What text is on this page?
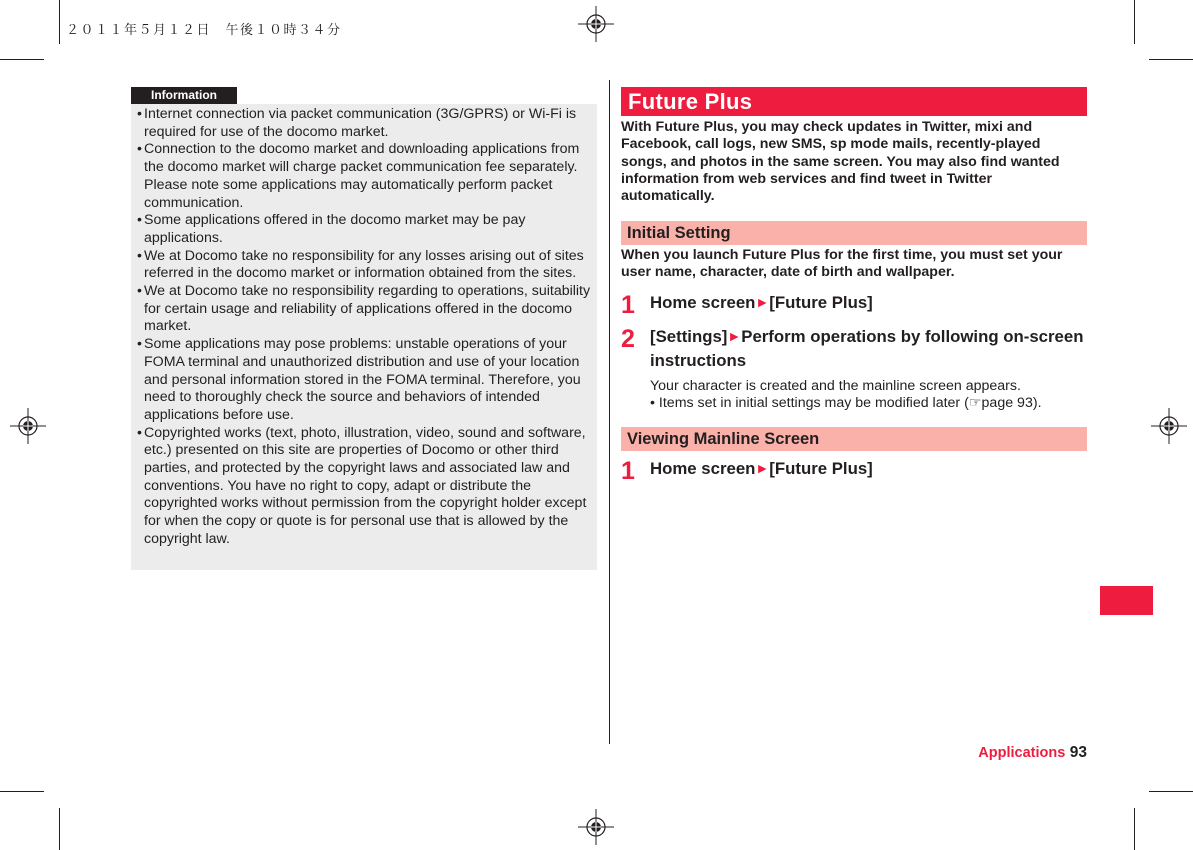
２０１１年５月１２日　午後１０時３４分
Information
• Internet connection via packet communication (3G/GPRS) or Wi-Fi is required for use of the docomo market.
• Connection to the docomo market and downloading applications from the docomo market will charge packet communication fee separately. Please note some applications may automatically perform packet communication.
• Some applications offered in the docomo market may be pay applications.
• We at Docomo take no responsibility for any losses arising out of sites referred in the docomo market or information obtained from the sites.
• We at Docomo take no responsibility regarding to operations, suitability for certain usage and reliability of applications offered in the docomo market.
• Some applications may pose problems: unstable operations of your FOMA terminal and unauthorized distribution and use of your location and personal information stored in the FOMA terminal. Therefore, you need to thoroughly check the source and behaviors of intended applications before use.
• Copyrighted works (text, photo, illustration, video, sound and software, etc.) presented on this site are properties of Docomo or other third parties, and protected by the copyright laws and associated law and conventions. You have no right to copy, adapt or distribute the copyrighted works without permission from the copyright holder except for when the copy or quote is for personal use that is allowed by the copyright law.
Future Plus

With Future Plus, you may check updates in Twitter, mixi and Facebook, call logs, new SMS, sp mode mails, recently-played songs, and photos in the same screen. You may also find wanted information from web services and find tweet in Twitter automatically.

Initial Setting

When you launch Future Plus for the first time, you must set your user name, character, date of birth and wallpaper.

1 Home screen►[Future Plus]
2 [Settings]►Perform operations by following on-screen instructions
Your character is created and the mainline screen appears.
• Items set in initial settings may be modified later (☞page 93).
Viewing Mainline Screen
1 Home screen►[Future Plus]
Applications 93
